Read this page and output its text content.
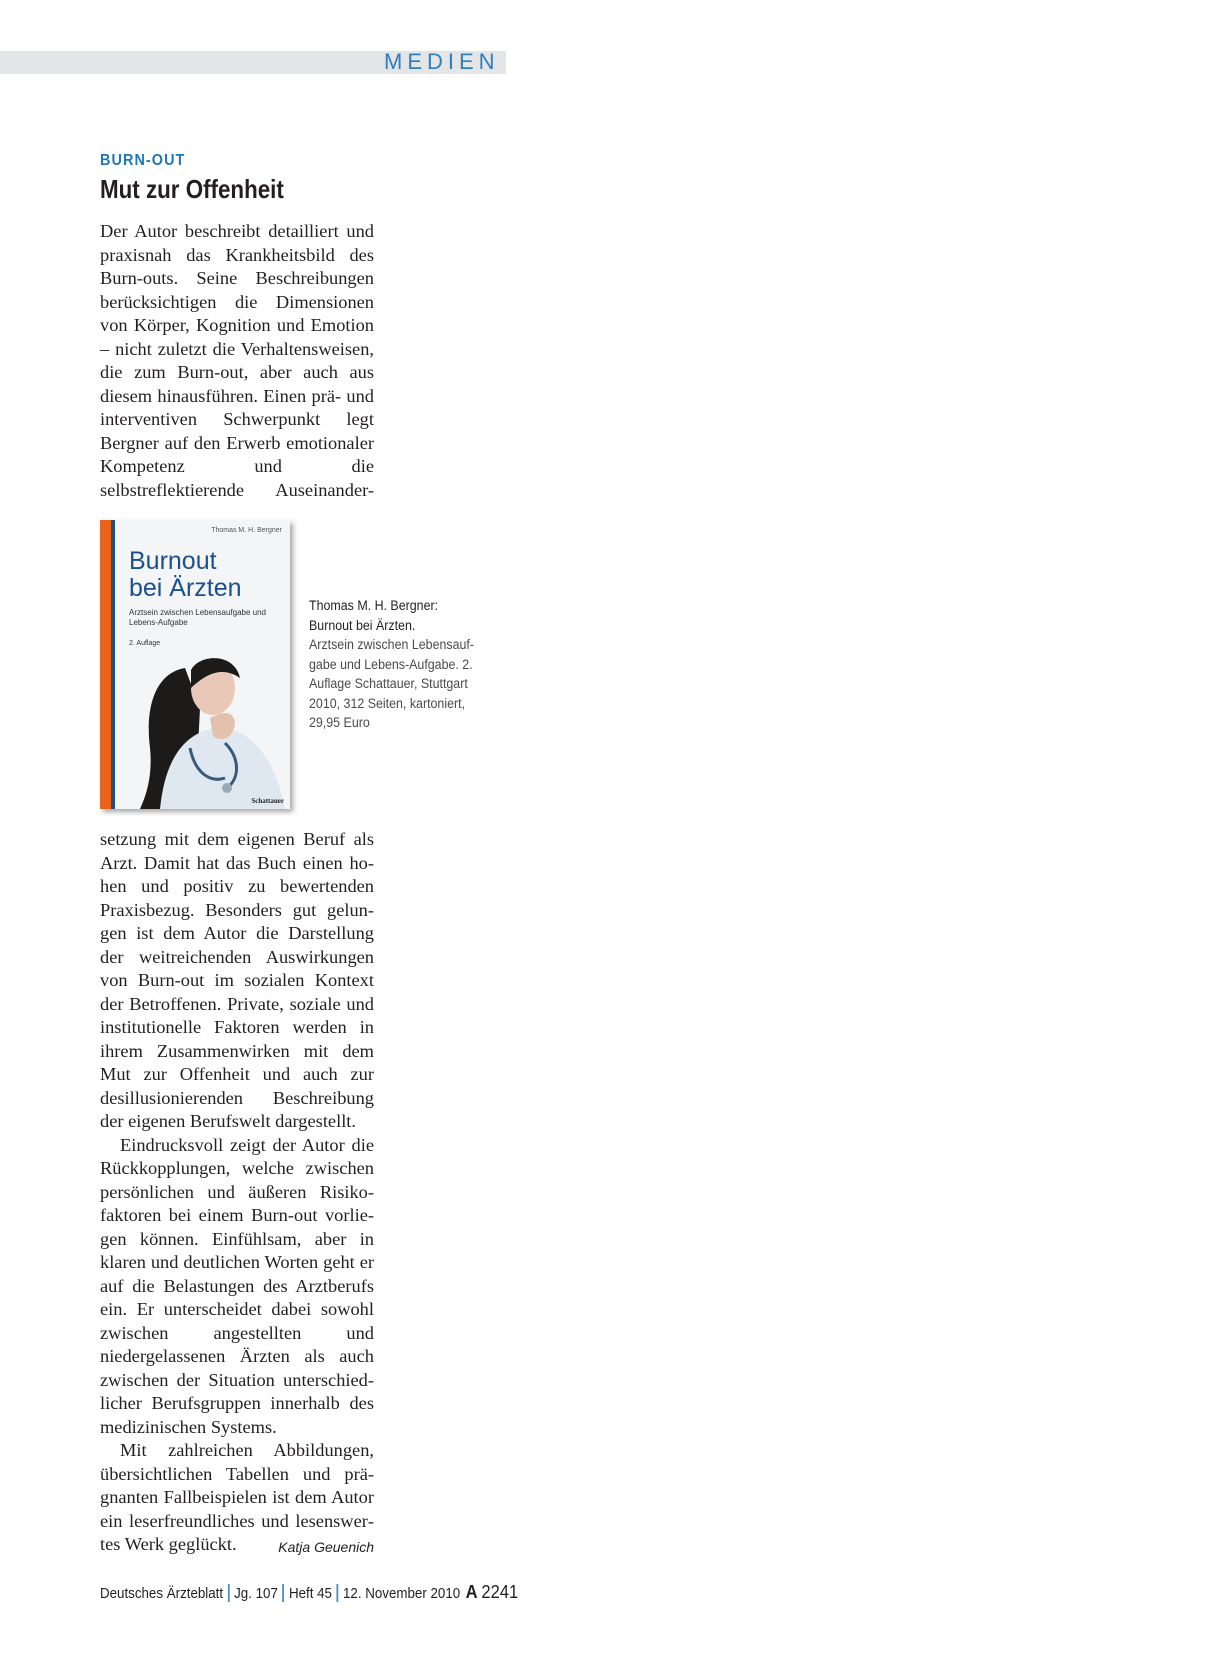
MEDIEN
BURN-OUT
Mut zur Offenheit

Der Autor beschreibt detailliert und praxisnah das Krankheitsbild des Burn-outs. Seine Beschreibungen berücksichtigen die Dimensionen von Körper, Kognition und Emotion – nicht zuletzt die Verhaltensweisen, die zum Burn-out, aber auch aus diesem hinausführen. Einen prä- und interventiven Schwerpunkt legt Bergner auf den Erwerb emotionaler Kompetenz und die selbstreflektierende Auseinander-

Thomas M. H. Bergner
Burnout
bei Ärzten
Arztsein zwischen Lebensaufgabe und Lebens-Aufgabe
2. Auflage
Schattauer
Thomas M. H. Bergner: Burnout bei Ärzten.
Arztsein zwischen Lebensaufgabe und Lebens-Aufgabe. 2. Auflage Schattauer, Stuttgart 2010, 312 Seiten, kartoniert, 29,95 Euro

setzung mit dem eigenen Beruf als Arzt. Damit hat das Buch einen hohen und positiv zu bewertenden Praxisbezug. Besonders gut gelungen ist dem Autor die Darstellung der weitreichenden Auswirkungen von Burn-out im sozialen Kontext der Betroffenen. Private, soziale und institutionelle Faktoren werden in ihrem Zusammenwirken mit dem Mut zur Offenheit und auch zur desillusionierenden Beschreibung der eigenen Berufswelt dargestellt.

Eindrucksvoll zeigt der Autor die Rückkopplungen, welche zwischen persönlichen und äußeren Risikofaktoren bei einem Burn-out vorliegen können. Einfühlsam, aber in klaren und deutlichen Worten geht er auf die Belastungen des Arztberufs ein. Er unterscheidet dabei sowohl zwischen angestellten und niedergelassenen Ärzten als auch zwischen der Situation unterschiedlicher Berufsgruppen innerhalb des medizinischen Systems.

Mit zahlreichen Abbildungen, übersichtlichen Tabellen und prägnanten Fallbeispielen ist dem Autor ein leserfreundliches und lesenswertes Werk geglückt.	Katja Geuenich

Deutsches Ärzteblatt Jg. 107 Heft 45 12. November 2010 A 2241
